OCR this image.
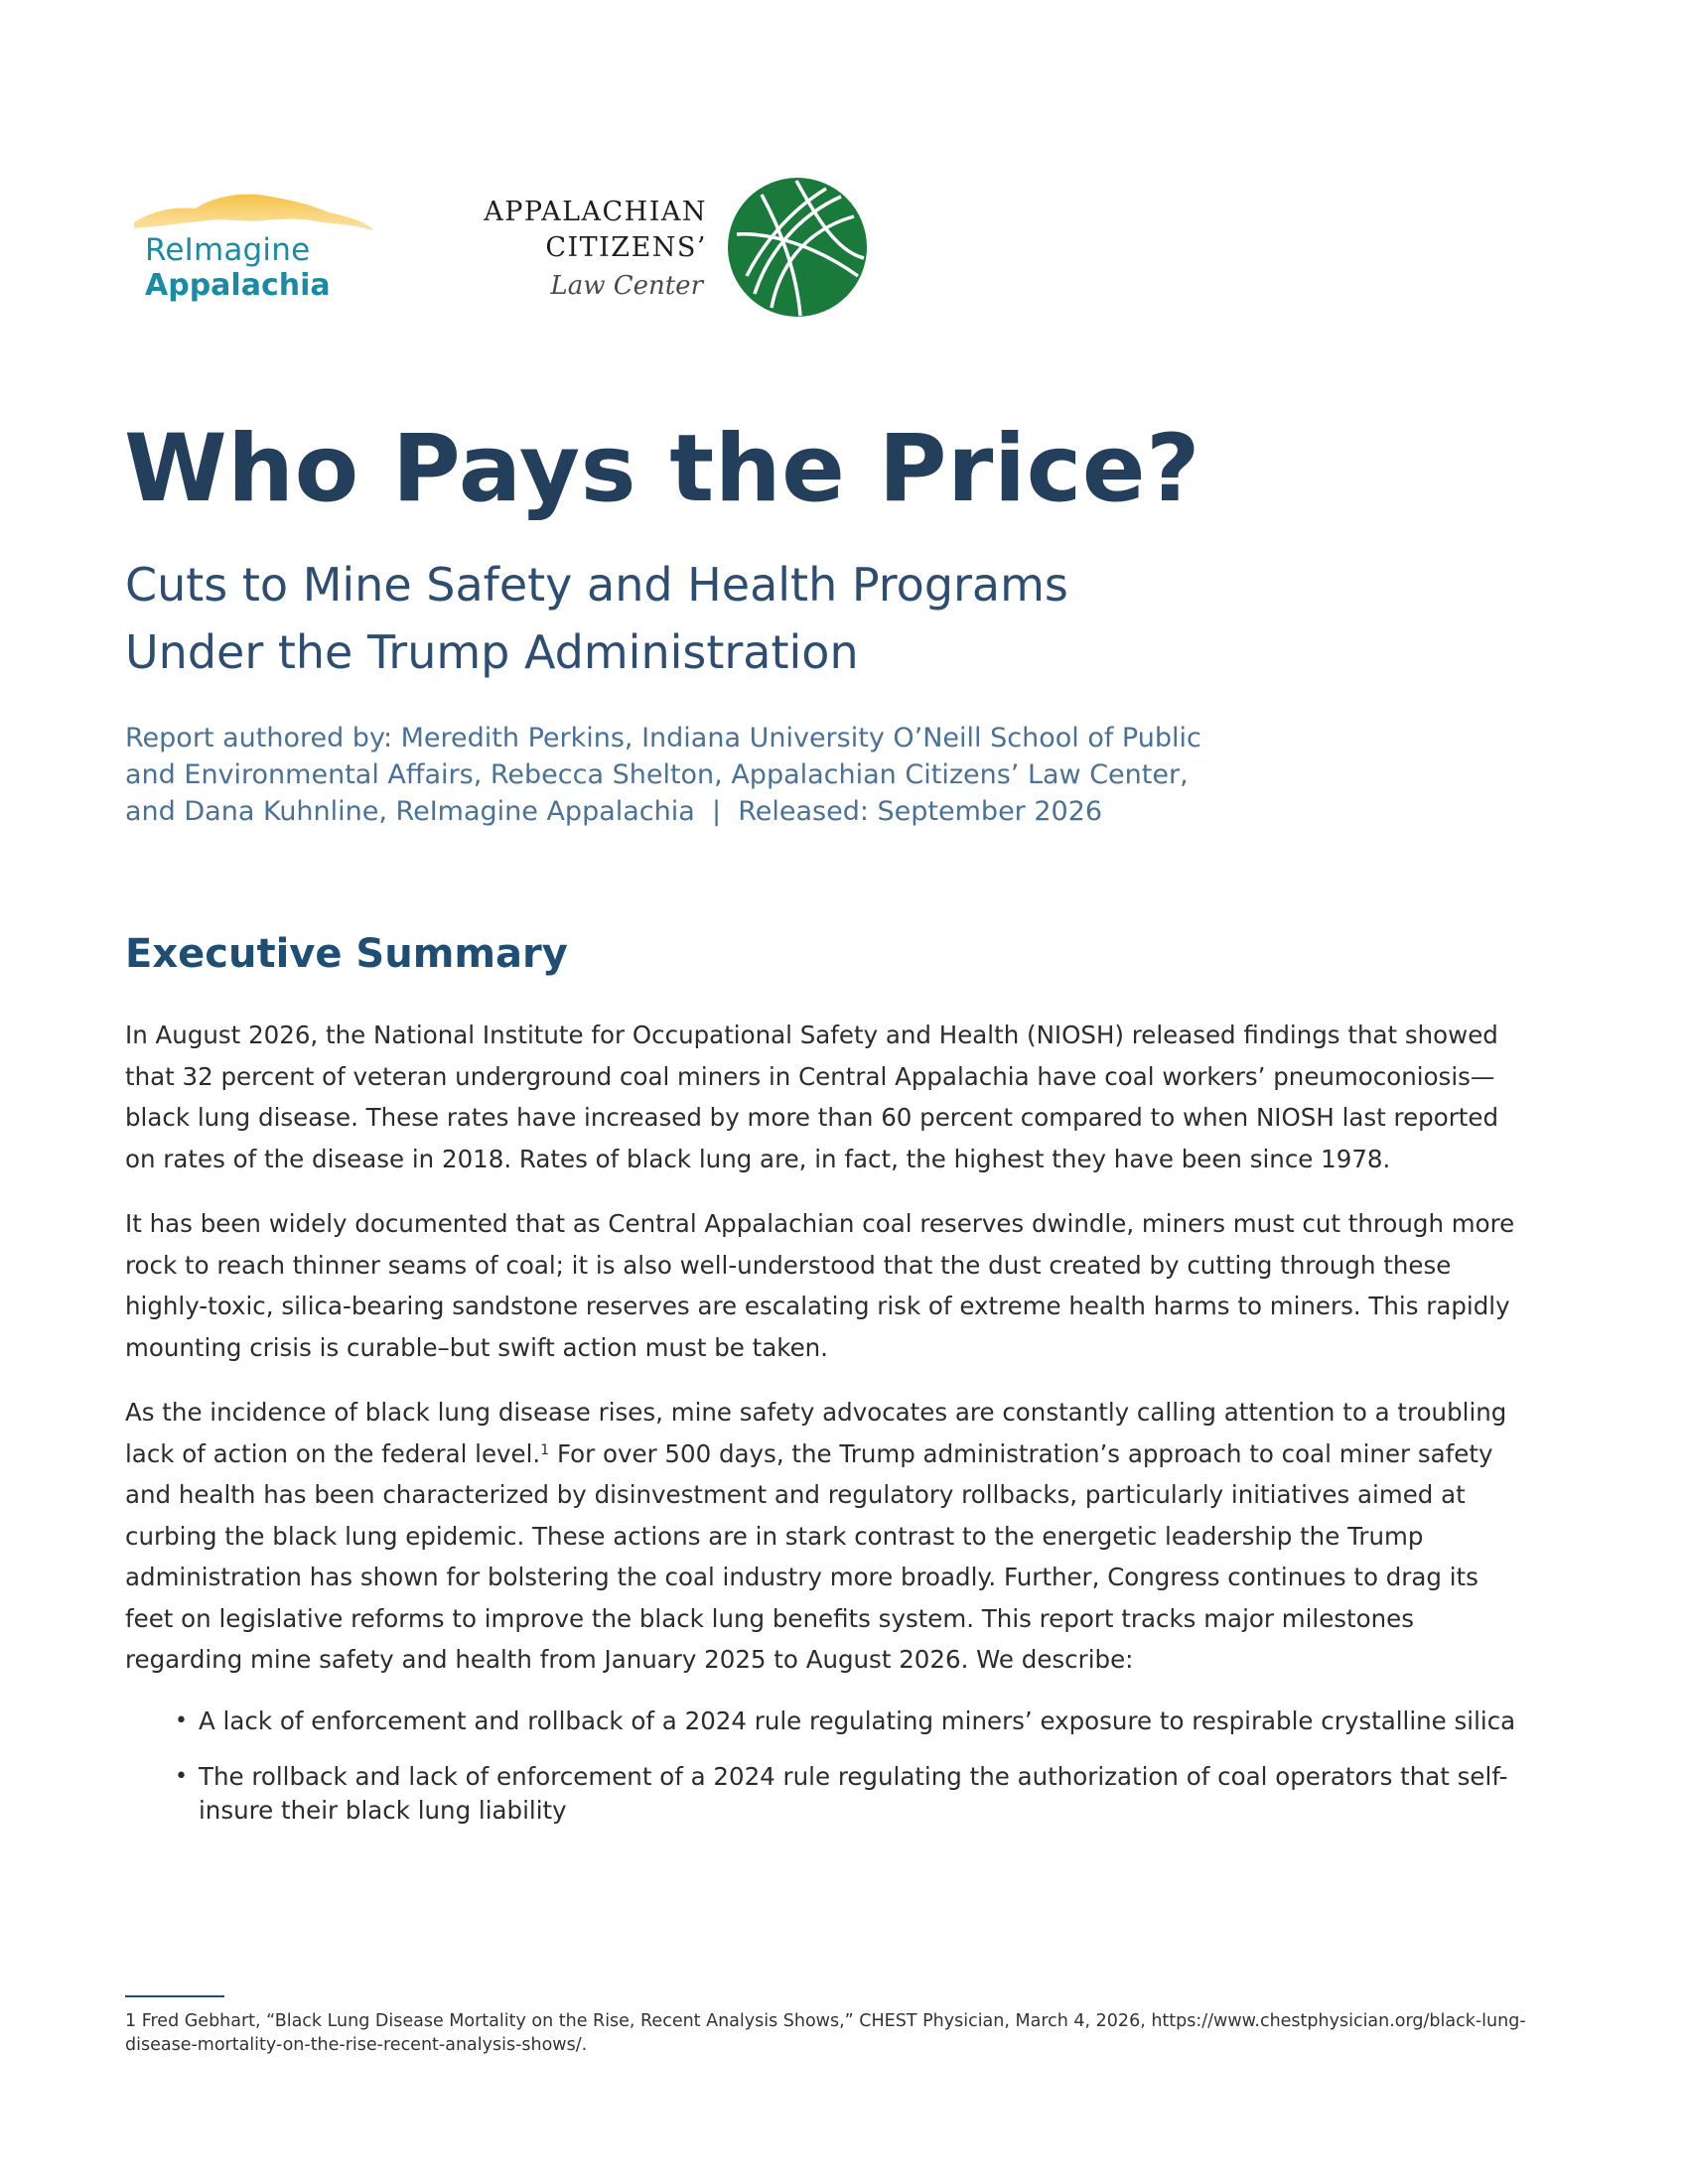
ReImagine
Appalachia
APPALACHIAN
CITIZENS’
Law Center
Who Pays the Price?
Cuts to Mine Safety and Health Programs
Under the Trump Administration
Report authored by: Meredith Perkins, Indiana University O’Neill School of Public
and Environmental Affairs, Rebecca Shelton, Appalachian Citizens’ Law Center,
and Dana Kuhnline, ReImagine Appalachia  |  Released: September 2026
Executive Summary

In August 2026, the National Institute for Occupational Safety and Health (NIOSH) released findings that showed that 32 percent of veteran underground coal miners in Central Appalachia have coal workers’ pneumoconiosis—black lung disease. These rates have increased by more than 60 percent compared to when NIOSH last reported on rates of the disease in 2018. Rates of black lung are, in fact, the highest they have been since 1978.

It has been widely documented that as Central Appalachian coal reserves dwindle, miners must cut through more rock to reach thinner seams of coal; it is also well-understood that the dust created by cutting through these highly-toxic, silica-bearing sandstone reserves are escalating risk of extreme health harms to miners. This rapidly mounting crisis is curable–but swift action must be taken.

As the incidence of black lung disease rises, mine safety advocates are constantly calling attention to a troubling lack of action on the federal level.$^1$ For over 500 days, the Trump administration’s approach to coal miner safety and health has been characterized by disinvestment and regulatory rollbacks, particularly initiatives aimed at curbing the black lung epidemic. These actions are in stark contrast to the energetic leadership the Trump administration has shown for bolstering the coal industry more broadly. Further, Congress continues to drag its feet on legislative reforms to improve the black lung benefits system. This report tracks major milestones regarding mine safety and health from January 2025 to August 2026. We describe:

• A lack of enforcement and rollback of a 2024 rule regulating miners’ exposure to respirable crystalline silica
• The rollback and lack of enforcement of a 2024 rule regulating the authorization of coal operators that self-insure their black lung liability
1 Fred Gebhart, “Black Lung Disease Mortality on the Rise, Recent Analysis Shows,” CHEST Physician, March 4, 2026, https://www.chestphysician.org/black-lung-disease-mortality-on-the-rise-recent-analysis-shows/.
